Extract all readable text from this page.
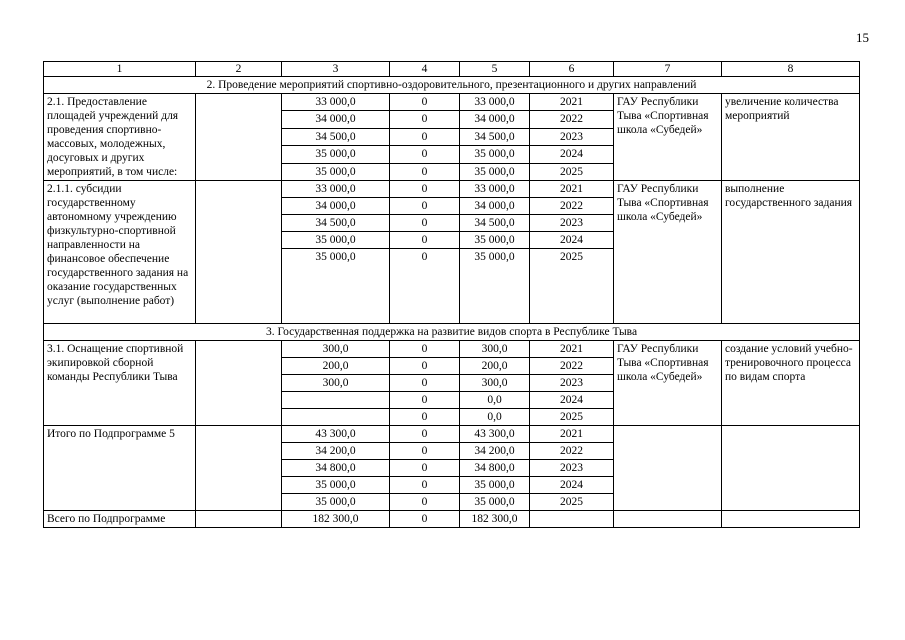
15
1	2	3	4	5	6	7	8
2. Проведение мероприятий спортивно-оздоровительного, презентационного и других направлений							
2.1. Предоставление площадей учреждений для проведения спортивно-массовых, молодежных, досуговых и других мероприятий, в том числе:		33 000,0	0	33 000,0	2021	ГАУ Республики Тыва «Спортивная школа «Субедей»	увеличение количества мероприятий
		34 000,0	0	34 000,0	2022		
		34 500,0	0	34 500,0	2023		
		35 000,0	0	35 000,0	2024		
		35 000,0	0	35 000,0	2025		
2.1.1. субсидии государственному автономному учреждению физкультурно-спортивной направленности на финансовое обеспечение государственного задания на оказание государственных услуг (выполнение работ)		33 000,0	0	33 000,0	2021	ГАУ Республики Тыва «Спортивная школа «Субедей»	выполнение государственного задания
		34 000,0	0	34 000,0	2022		
		34 500,0	0	34 500,0	2023		
		35 000,0	0	35 000,0	2024		
		35 000,0	0	35 000,0	2025		
3. Государственная поддержка на развитие видов спорта в Республике Тыва							
3.1. Оснащение спортивной экипировкой сборной команды Республики Тыва		300,0	0	300,0	2021	ГАУ Республики Тыва «Спортивная школа «Субедей»	создание условий учебно-тренировочного процесса по видам спорта
		200,0	0	200,0	2022		
		300,0	0	300,0	2023		
			0	0,0	2024		
			0	0,0	2025		
Итого по Подпрограмме 5		43 300,0	0	43 300,0	2021		
		34 200,0	0	34 200,0	2022		
		34 800,0	0	34 800,0	2023		
		35 000,0	0	35 000,0	2024		
		35 000,0	0	35 000,0	2025		
Всего по Подпрограмме		182 300,0	0	182 300,0			
